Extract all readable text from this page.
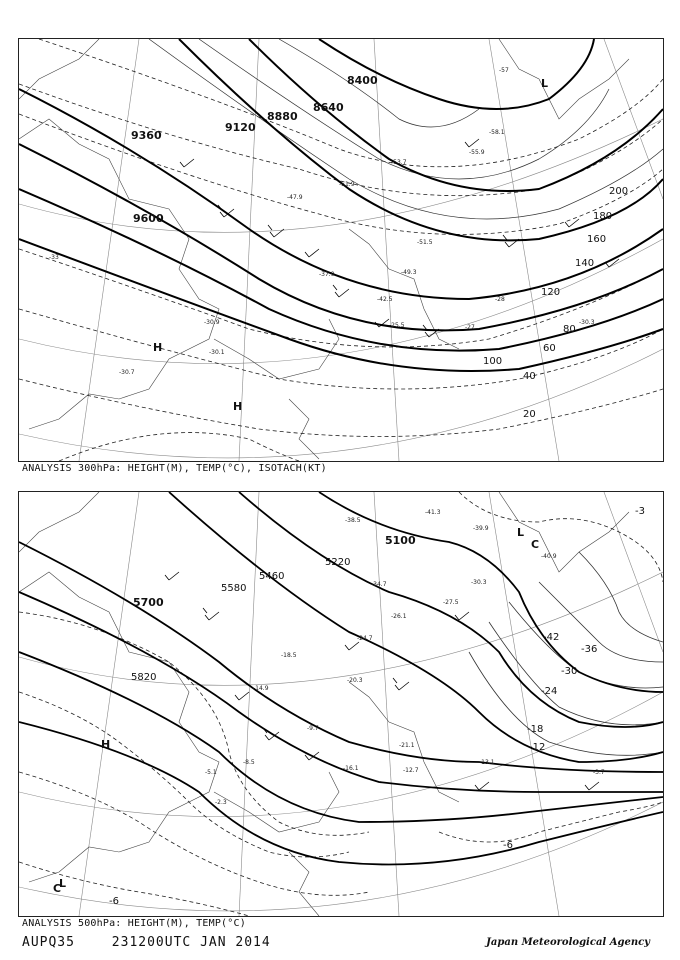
8400
8640
8880
9120
9360
9600
20
40
60
80
100
120
140
160
180
200
-30.3
-30.7
-30.1
-30.9
-47.9
-51.9
-53.7
-55.9
-58.1
-57
-51.5
-49.3
-42.5
-37.9
-33
-25.5	-27
-28
H
H
L
ANALYSIS 300hPa: HEIGHT(M), TEMP(°C), ISOTACH(KT)
5100
5220
5460
5580
5700
5820
-42
-36
-30
-24
-18
-12
-6
-3
-6
-41.3
-39.9
-40.9
-38.5
-34.7	-30.3
-27.5
-26.1
-24.7
-21.1
-20.3
-18.5
-16.1
-14.9
-13.1
-12.7
-9.7
-8.5
-5.1	-3.7
-2.3
H
L
L
C
C
ANALYSIS 500hPa: HEIGHT(M), TEMP(°C)
AUPQ35	231200UTC JAN 2014	Japan Meteorological Agency
